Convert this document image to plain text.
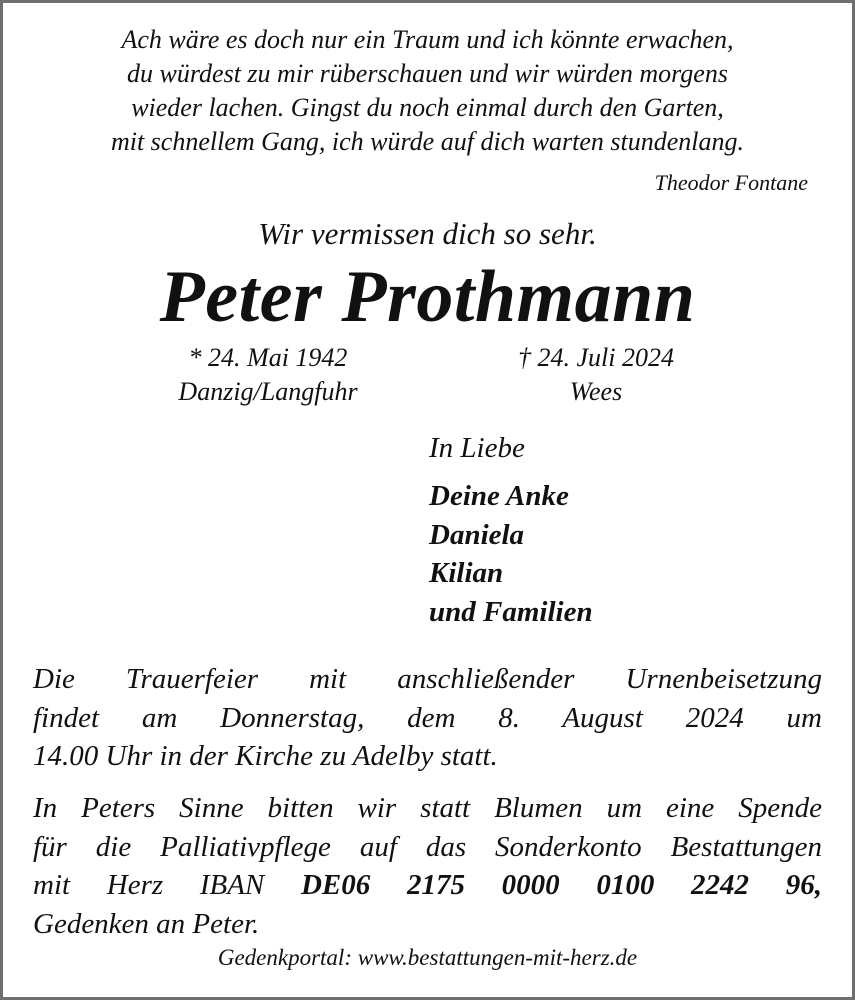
Ach wäre es doch nur ein Traum und ich könnte erwachen,
du würdest zu mir rüberschauen und wir würden morgens
wieder lachen. Gingst du noch einmal durch den Garten,
mit schnellem Gang, ich würde auf dich warten stundenlang.
Theodor Fontane
Wir vermissen dich so sehr.
Peter Prothmann
* 24. Mai 1942
Danzig/Langfuhr
† 24. Juli 2024
Wees
In Liebe
Deine Anke
Daniela
Kilian
und Familien
Die Trauerfeier mit anschließender Urnenbeisetzung
findet am Donnerstag, dem 8. August 2024 um
14.00 Uhr in der Kirche zu Adelby statt.
In Peters Sinne bitten wir statt Blumen um eine Spende
für die Palliativpflege auf das Sonderkonto Bestattungen
mit Herz IBAN DE06 2175 0000 0100 2242 96,
Gedenken an Peter.
Gedenkportal: www.bestattungen-mit-herz.de
